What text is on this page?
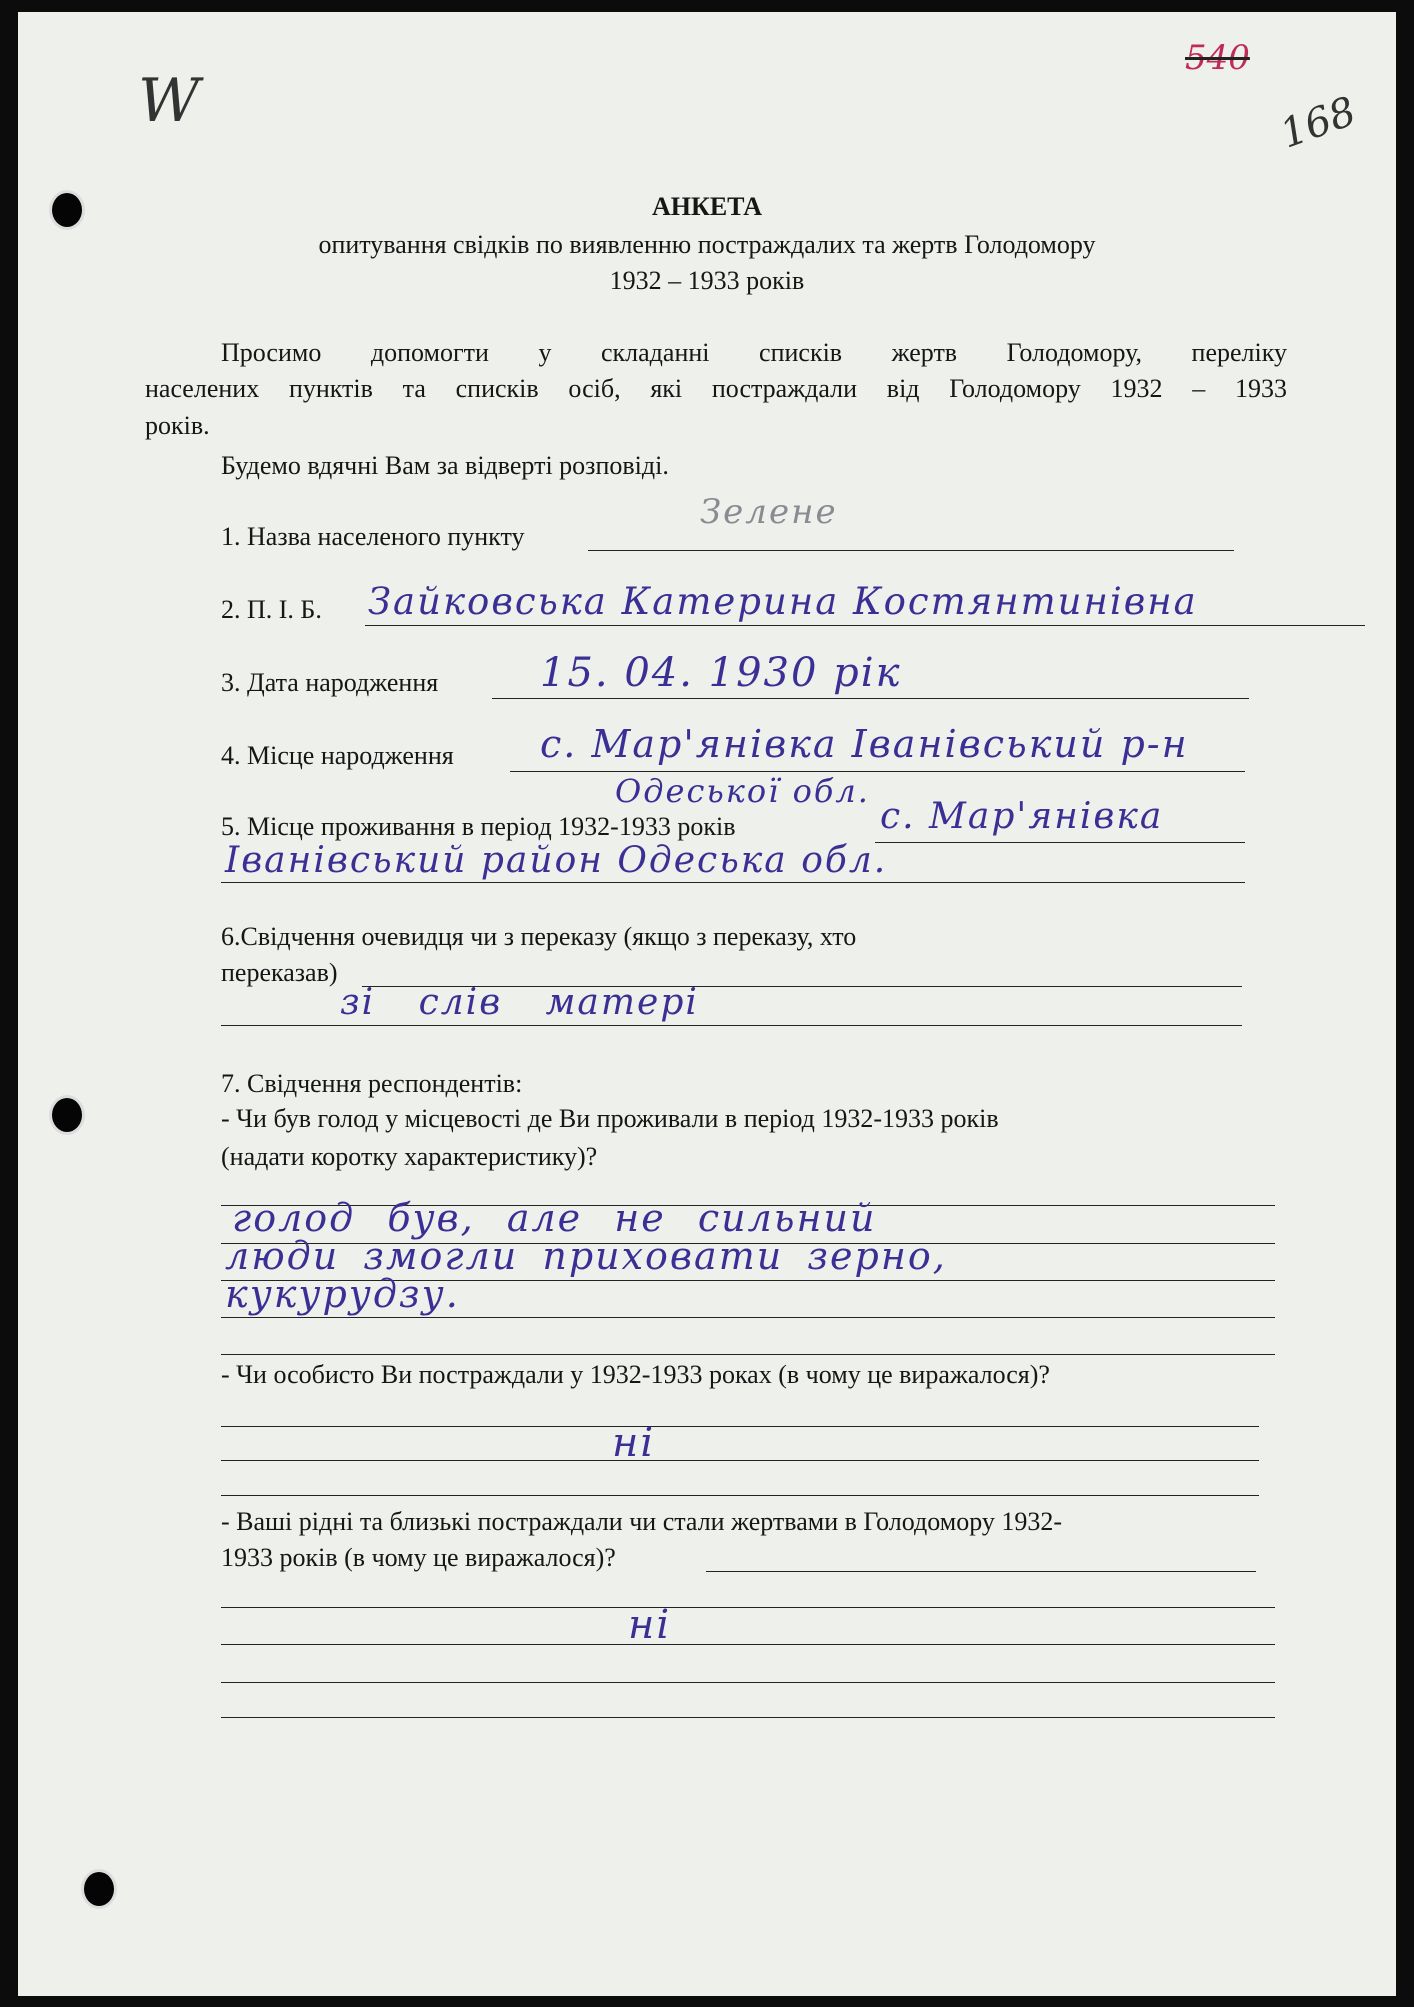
W
540
168
АНКЕТА
опитування свідків по виявленню постраждалих та жертв Голодомору
1932 – 1933 років
Просимо допомогти у складанні списків жертв Голодомору, переліку
населених пунктів та списків осіб, які постраждали від Голодомору 1932 – 1933
років.
Будемо вдячні Вам за відверті розповіді.
1. Назва населеного пункту
Зелене
2. П. І. Б. Зайковська Катерина Костянтинівна
3. Дата народження	15. 04. 1930 рік
4. Місце народження с. Мар'янівка Іванівський р-н
Одеської обл.
5. Місце проживання в період 1932-1933 років	с. Мар'янівка
Іванівський район Одеська обл.
6.Свідчення очевидця чи з переказу (якщо з переказу, хто
переказав)
зі слів матері
7. Свідчення респондентів:
- Чи був голод у місцевості де Ви проживали в період 1932-1933 років
(надати коротку характеристику)?
голод був, але не сильний
люди змогли приховати зерно,
кукурудзу.
- Чи особисто Ви постраждали у 1932-1933 роках (в чому це виражалося)?
ні
- Ваші рідні та близькі постраждали чи стали жертвами в Голодомору 1932-
1933 років (в чому це виражалося)?
ні
